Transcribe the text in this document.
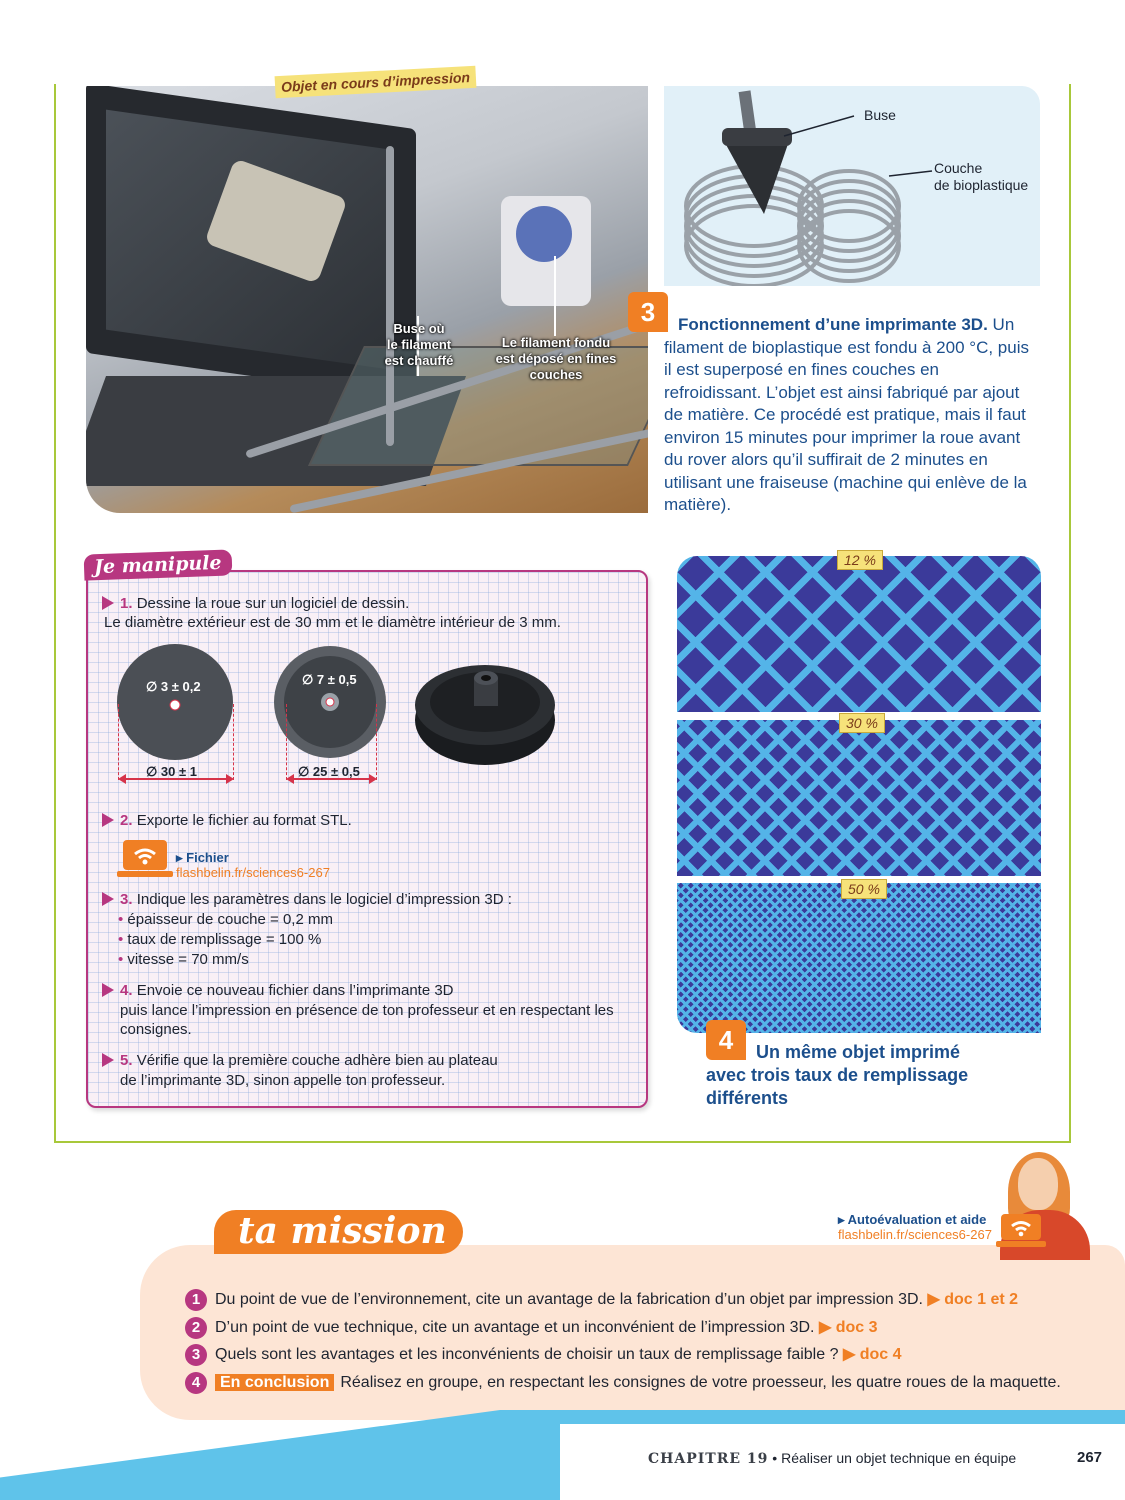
Buse où
le filament
est chauffé
Le filament fondu
est déposé en fines
couches
Objet en cours d’impression
Buse
Couche
de bioplastique
3	Fonctionnement d’une imprimante 3D. Un filament de bioplastique est fondu à 200 °C, puis il est superposé en fines couches en refroidissant. L’objet est ainsi fabriqué par ajout de matière. Ce procédé est pratique, mais il faut environ 15 minutes pour imprimer la roue avant du rover alors qu’il suffirait de 2 minutes en utilisant une fraiseuse (machine qui enlève de la matière).
Je manipule
1. Dessine la roue sur un logiciel de dessin.
Le diamètre extérieur est de 30 mm et le diamètre intérieur de 3 mm.
∅ 3 ± 0,2	∅ 7 ± 0,5
∅ 30 ± 1	∅ 25 ± 0,5
2. Exporte le fichier au format STL.
▸ Fichier
flashbelin.fr/sciences6-267
3. Indique les paramètres dans le logiciel d’impression 3D :
• épaisseur de couche = 0,2 mm
• taux de remplissage = 100 %
• vitesse = 70 mm/s
4. Envoie ce nouveau fichier dans l’imprimante 3D
puis lance l’impression en présence de ton professeur et en respectant les
consignes.
5. Vérifie que la première couche adhère bien au plateau
de l’imprimante 3D, sinon appelle ton professeur.
12 %
30 %
50 %
4	Un même objet imprimé
avec trois taux de remplissage
différents
ta mission	▸ Autoévaluation et aide
flashbelin.fr/sciences6-267
1 Du point de vue de l’environnement, cite un avantage de la fabrication d’un objet par impression 3D. ▶ doc 1 et 2
2 D’un point de vue technique, cite un avantage et un inconvénient de l’impression 3D. ▶ doc 3
3 Quels sont les avantages et les inconvénients de choisir un taux de remplissage faible ? ▶ doc 4
4 En conclusion Réalisez en groupe, en respectant les consignes de votre proesseur, les quatre roues de la maquette.
CHAPITRE 19 • Réaliser un objet technique en équipe	267
